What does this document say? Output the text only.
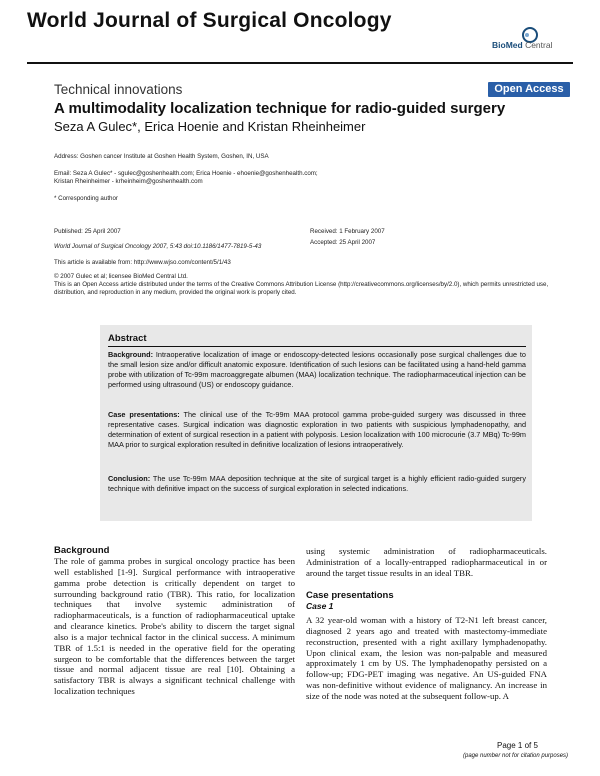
World Journal of Surgical Oncology
BioMed Central
Technical innovations	Open Access
A multimodality localization technique for radio-guided surgery
Seza A Gulec*, Erica Hoenie and Kristan Rheinheimer
Address: Goshen cancer Institute at Goshen Health System, Goshen, IN, USA
Email: Seza A Gulec* - sgulec@goshenhealth.com; Erica Hoenie - ehoenie@goshenhealth.com;
Kristan Rheinheimer - krheinheim@goshenhealth.com
* Corresponding author
Published: 25 April 2007	Received: 1 February 2007
Accepted: 25 April 2007
World Journal of Surgical Oncology 2007, 5:43 doi:10.1186/1477-7819-5-43
This article is available from: http://www.wjso.com/content/5/1/43
© 2007 Gulec et al; licensee BioMed Central Ltd.
This is an Open Access article distributed under the terms of the Creative Commons Attribution License (http://creativecommons.org/licenses/by/2.0), which permits unrestricted use, distribution, and reproduction in any medium, provided the original work is properly cited.
Abstract
Background: Intraoperative localization of image or endoscopy-detected lesions occasionally pose surgical challenges due to the small lesion size and/or difficult anatomic exposure. Identification of such lesions can be facilitated using a hand-held gamma probe with utilization of Tc-99m macroaggregate albumen (MAA) localization technique. The radiopharmaceutical injection can be performed using ultrasound (US) or endoscopy guidance.
Case presentations: The clinical use of the Tc-99m MAA protocol gamma probe-guided surgery was discussed in three representative cases. Surgical indication was diagnostic exploration in two patients with suspicious lymphadenopathy, and determination of extent of surgical resection in a patient with polyposis. Lesion localization with 100 microcurie (3.7 MBq) Tc-99m MAA prior to surgical exploration resulted in definitive localization of lesions intraoperatively.
Conclusion: The use Tc-99m MAA deposition technique at the site of surgical target is a highly efficient radio-guided surgery technique with definitive impact on the success of surgical exploration in selected indications.
Background
The role of gamma probes in surgical oncology practice has been well established [1-9]. Surgical performance with intraoperative gamma probe detection is critically dependent on target to surrounding background ratio (TBR). This ratio, for localization techniques that involve systemic administration of radiopharmaceuticals, is a function of radiopharmaceutical uptake and clearance kinetics. Probe's ability to discern the target signal also is a major technical factor in the clinical success. A minimum TBR of 1.5:1 is needed in the operative field for the operating surgeon to be comfortable that the differences between the target tissue and normal adjacent tissue are real [10]. Obtaining a satisfactory TBR is always a significant technical challenge with localization techniques
using systemic administration of radiopharmaceuticals. Administration of a locally-entrapped radiopharmaceutical in or around the target tissue results in an ideal TBR.
Case presentations
Case 1
A 32 year-old woman with a history of T2-N1 left breast cancer, diagnosed 2 years ago and treated with mastectomy-immediate reconstruction, presented with a right axillary lymphadenopathy. Upon clinical exam, the lesion was non-palpable and measured approximately 1 cm by US. The lymphadenopathy persisted on a follow-up; FDG-PET imaging was negative. An US-guided FNA was non-definitive without evidence of malignancy. An increase in size of the node was noted at the subsequent follow-up. A
Page 1 of 5
(page number not for citation purposes)
